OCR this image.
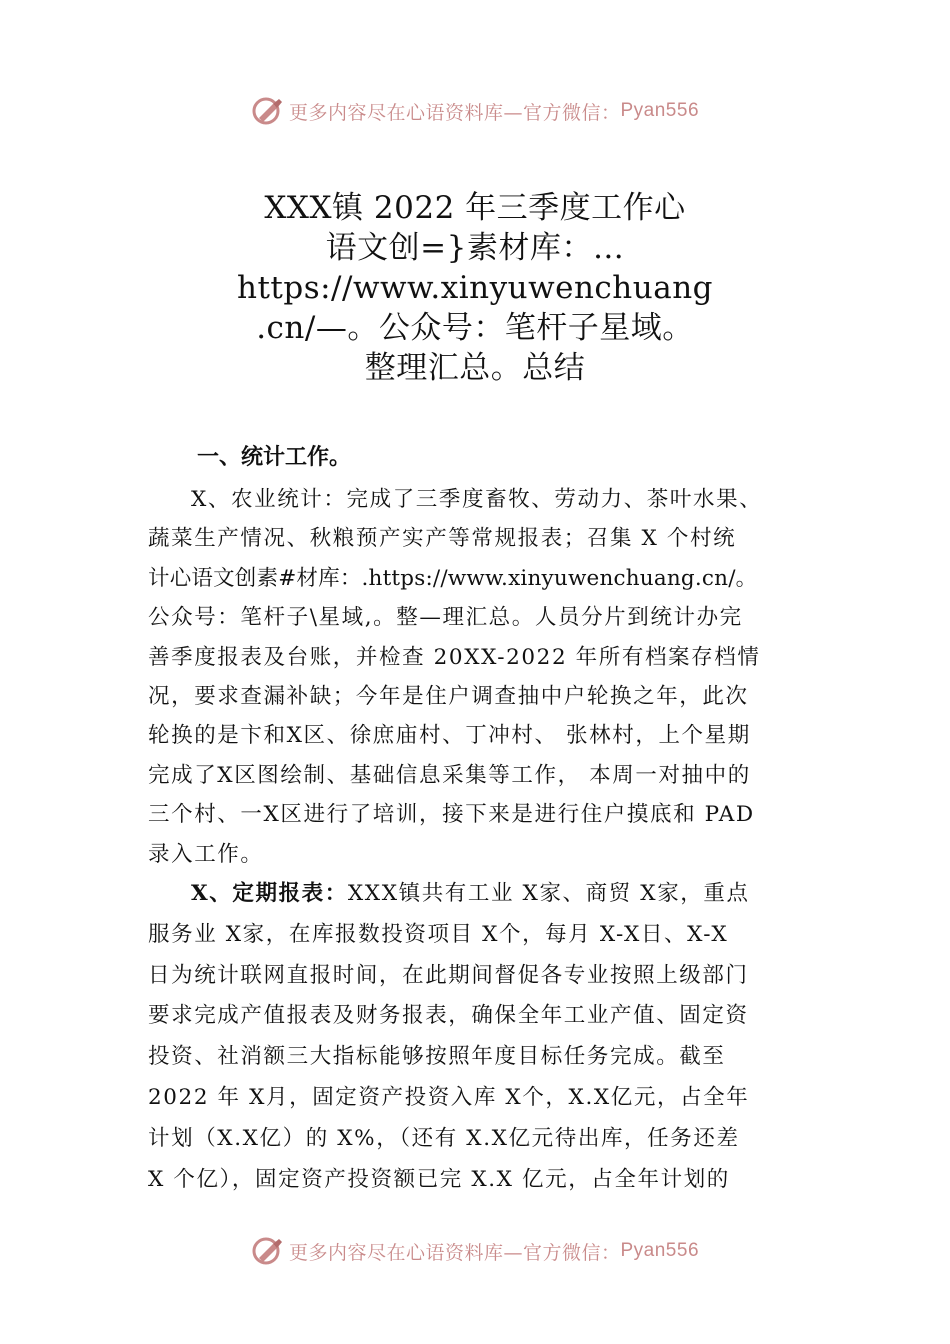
更多内容尽在心语资料库—官方微信： Pyan556
XXX镇 2022 年三季度工作心
语文创=}素材库：…
https://www.xinyuwenchuang
.cn/—。公众号：笔杆子星域。
整理汇总。总结
一、统计工作。
X、农业统计：完成了三季度畜牧、劳动力、茶叶水果、
蔬菜生产情况、秋粮预产实产等常规报表；召集 X 个村统
计心语文创素#材库：.https://www.xinyuwenchuang.cn/。
公众号：笔杆子\星域,。整—理汇总。人员分片到统计办完
善季度报表及台账，并检查 20XX-2022 年所有档案存档情
况，要求查漏补缺；今年是住户调查抽中户轮换之年，此次
轮换的是卞和X区、徐庶庙村、丁冲村、 张林村，上个星期
完成了X区图绘制、基础信息采集等工作， 本周一对抽中的
三个村、一X区进行了培训，接下来是进行住户摸底和 PAD
录入工作。
X、定期报表：XXX镇共有工业 X家、商贸 X家，重点
服务业 X家，在库报数投资项目 X个，每月 X-X日、X-X
日为统计联网直报时间，在此期间督促各专业按照上级部门
要求完成产值报表及财务报表，确保全年工业产值、固定资
投资、社消额三大指标能够按照年度目标任务完成。截至
2022 年 X月，固定资产投资入库 X个，X.X亿元，占全年
计划（X.X亿）的 X%，（还有 X.X亿元待出库，任务还差
X 个亿），固定资产投资额已完 X.X 亿元，占全年计划的
更多内容尽在心语资料库—官方微信： Pyan556
